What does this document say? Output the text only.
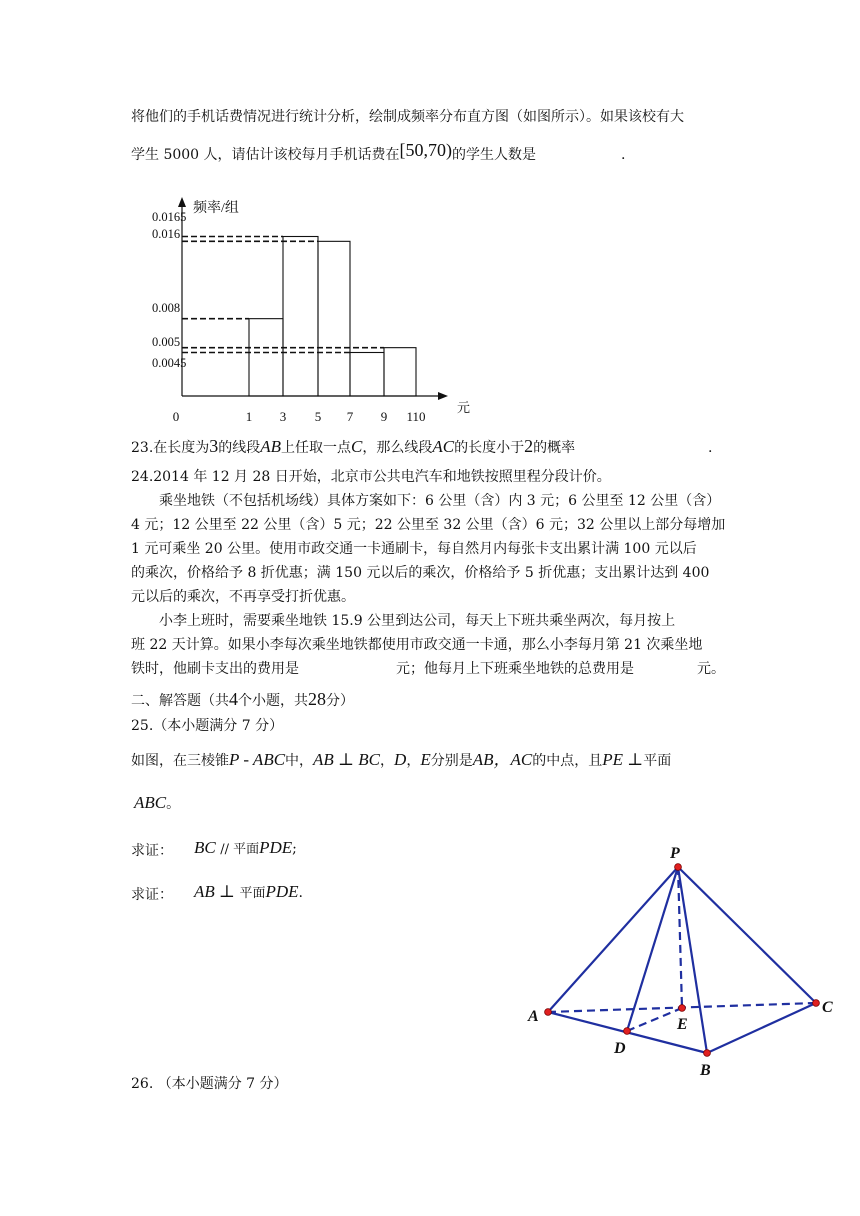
将他们的手机话费情况进行统计分析，绘制成频率分布直方图（如图所示）。如果该校有大
学生 5000 人，请估计该校每月手机话费在[50,70)的学生人数是	.
频率/组
元
0.0165
0.016
0.008
0.005
0.0045
0	1 3 5 7 9 110
23.在长度为3的线段AB上任取一点C，那么线段AC的长度小于2的概率	.
24.2014 年 12 月 28 日开始，北京市公共电汽车和地铁按照里程分段计价。
乘坐地铁（不包括机场线）具体方案如下：6 公里（含）内 3 元；6 公里至 12 公里（含）
4 元；12 公里至 22 公里（含）5 元；22 公里至 32 公里（含）6 元；32 公里以上部分每增加
1 元可乘坐 20 公里。使用市政交通一卡通刷卡，每自然月内每张卡支出累计满 100 元以后
的乘次，价格给予 8 折优惠；满 150 元以后的乘次，价格给予 5 折优惠；支出累计达到 400
元以后的乘次，不再享受打折优惠。
小李上班时，需要乘坐地铁 15.9 公里到达公司，每天上下班共乘坐两次，每月按上
班 22 天计算。如果小李每次乘坐地铁都使用市政交通一卡通，那么小李每月第 21 次乘坐地
铁时，他刷卡支出的费用是	元；他每月上下班乘坐地铁的总费用是	元。
二、解答题（共4个小题，共28分）
25.（本小题满分 7 分）
如图，在三棱锥P - ABC中，AB ⊥ BC，D，E分别是AB，AC的中点，且PE ⊥平面
ABC。
求证： BC // 平面PDE;
求证： AB ⊥ 平面PDE.
P
A
C
E
D
B
26. （本小题满分 7 分）
